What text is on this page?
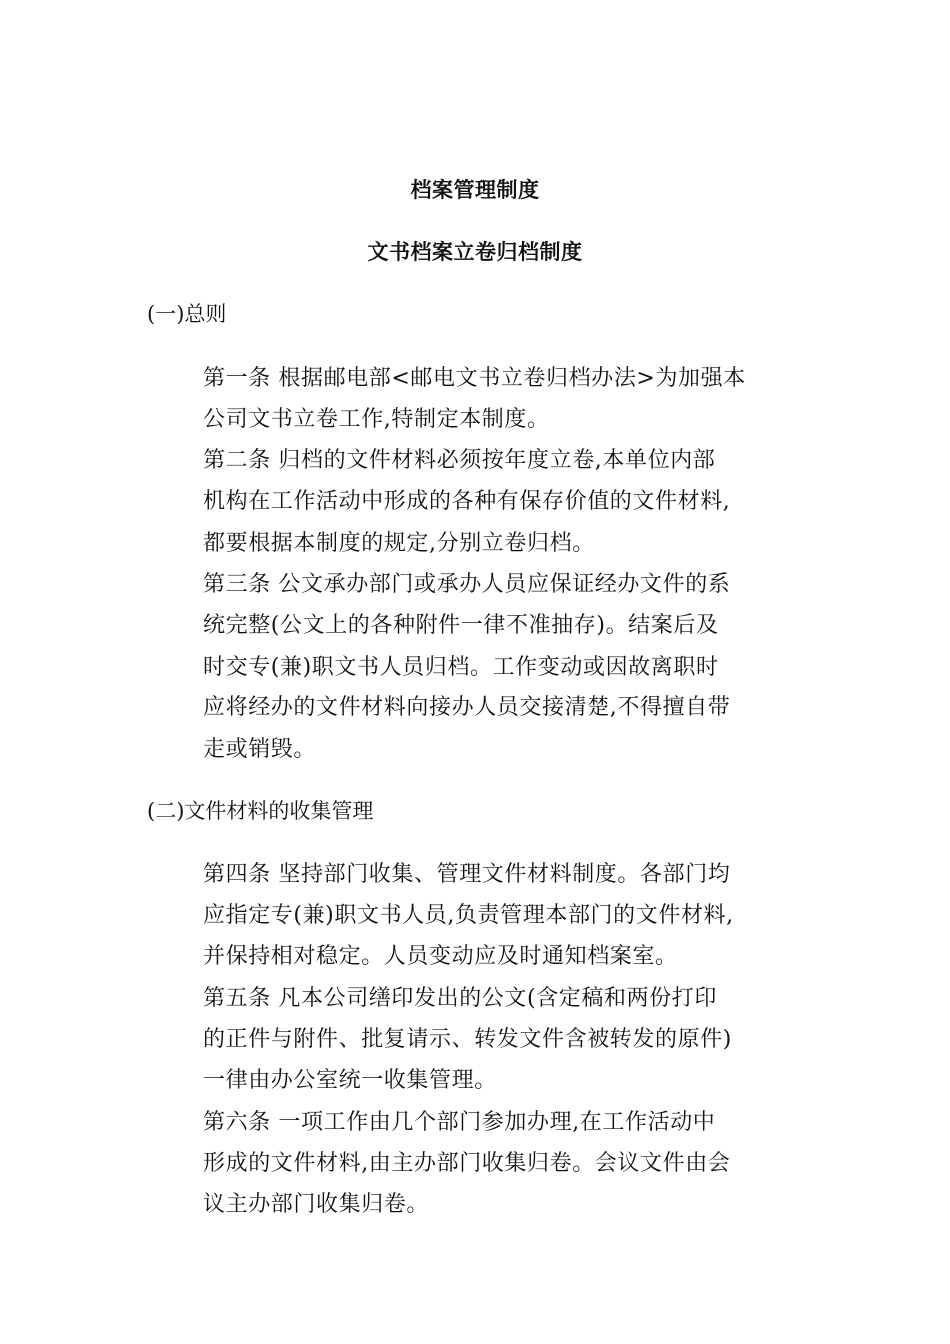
档案管理制度
文书档案立卷归档制度
(一)总则
第一条 根据邮电部<邮电文书立卷归档办法>为加强本
公司文书立卷工作,特制定本制度。
第二条 归档的文件材料必须按年度立卷,本单位内部
机构在工作活动中形成的各种有保存价值的文件材料,
都要根据本制度的规定,分别立卷归档。
第三条 公文承办部门或承办人员应保证经办文件的系
统完整(公文上的各种附件一律不准抽存)。结案后及
时交专(兼)职文书人员归档。工作变动或因故离职时
应将经办的文件材料向接办人员交接清楚,不得擅自带
走或销毁。
(二)文件材料的收集管理
第四条 坚持部门收集、管理文件材料制度。各部门均
应指定专(兼)职文书人员,负责管理本部门的文件材料,
并保持相对稳定。人员变动应及时通知档案室。
第五条 凡本公司缮印发出的公文(含定稿和两份打印
的正件与附件、批复请示、转发文件含被转发的原件)
一律由办公室统一收集管理。
第六条 一项工作由几个部门参加办理,在工作活动中
形成的文件材料,由主办部门收集归卷。会议文件由会
议主办部门收集归卷。
